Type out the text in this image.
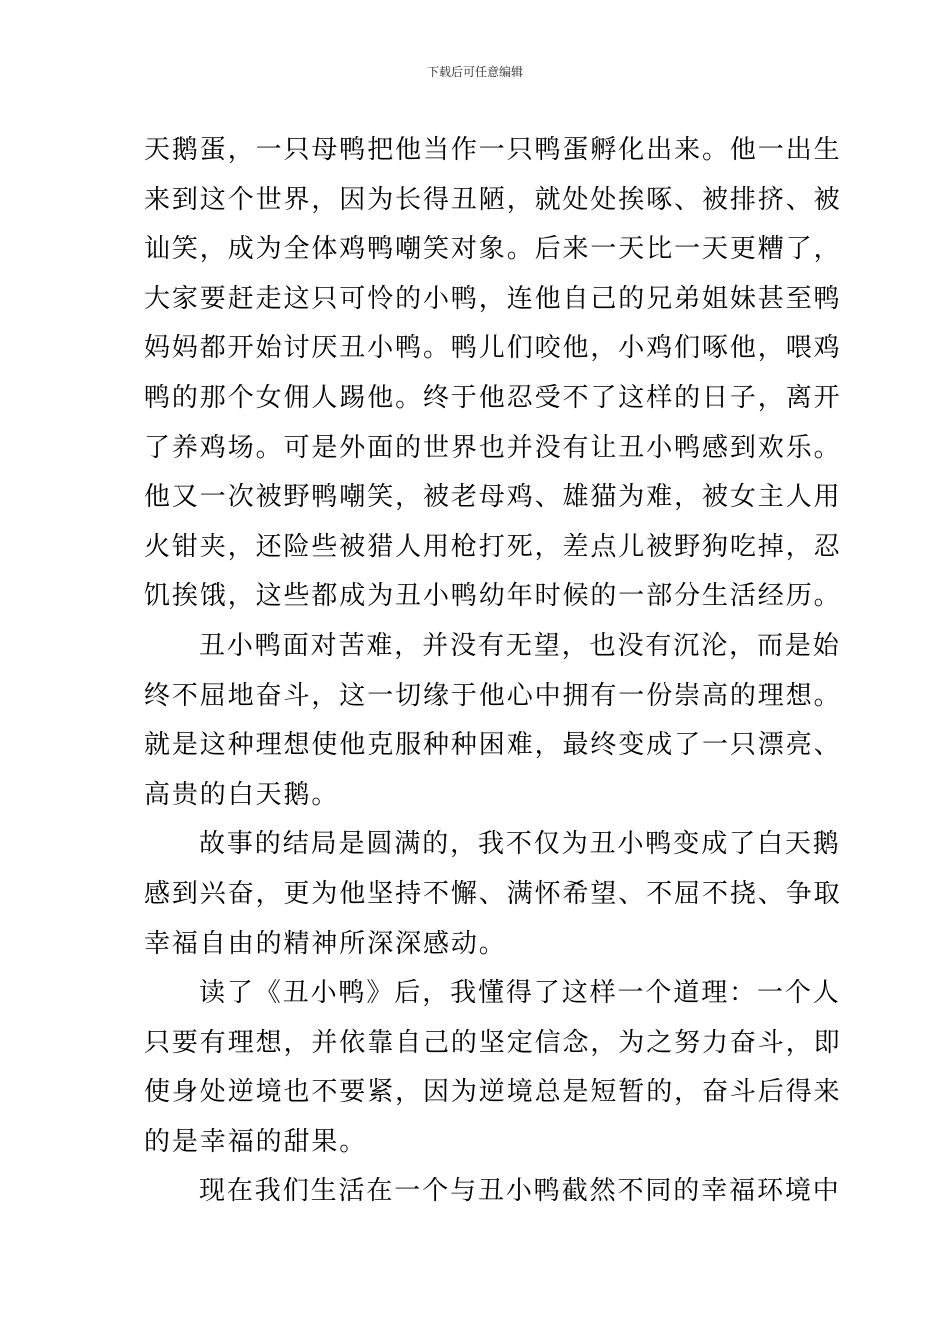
下载后可任意编辑
天鹅蛋，一只母鸭把他当作一只鸭蛋孵化出来。他一出生
来到这个世界，因为长得丑陋，就处处挨啄、被排挤、被
讪笑，成为全体鸡鸭嘲笑对象。后来一天比一天更糟了，
大家要赶走这只可怜的小鸭，连他自己的兄弟姐妹甚至鸭
妈妈都开始讨厌丑小鸭。鸭儿们咬他，小鸡们啄他，喂鸡
鸭的那个女佣人踢他。终于他忍受不了这样的日子，离开
了养鸡场。可是外面的世界也并没有让丑小鸭感到欢乐。
他又一次被野鸭嘲笑，被老母鸡、雄猫为难，被女主人用
火钳夹，还险些被猎人用枪打死，差点儿被野狗吃掉，忍
饥挨饿，这些都成为丑小鸭幼年时候的一部分生活经历。
丑小鸭面对苦难，并没有无望，也没有沉沦，而是始
终不屈地奋斗，这一切缘于他心中拥有一份崇高的理想。
就是这种理想使他克服种种困难，最终变成了一只漂亮、
高贵的白天鹅。
故事的结局是圆满的，我不仅为丑小鸭变成了白天鹅
感到兴奋，更为他坚持不懈、满怀希望、不屈不挠、争取
幸福自由的精神所深深感动。
读了《丑小鸭》后，我懂得了这样一个道理：一个人
只要有理想，并依靠自己的坚定信念，为之努力奋斗，即
使身处逆境也不要紧，因为逆境总是短暂的，奋斗后得来
的是幸福的甜果。
现在我们生活在一个与丑小鸭截然不同的幸福环境中
